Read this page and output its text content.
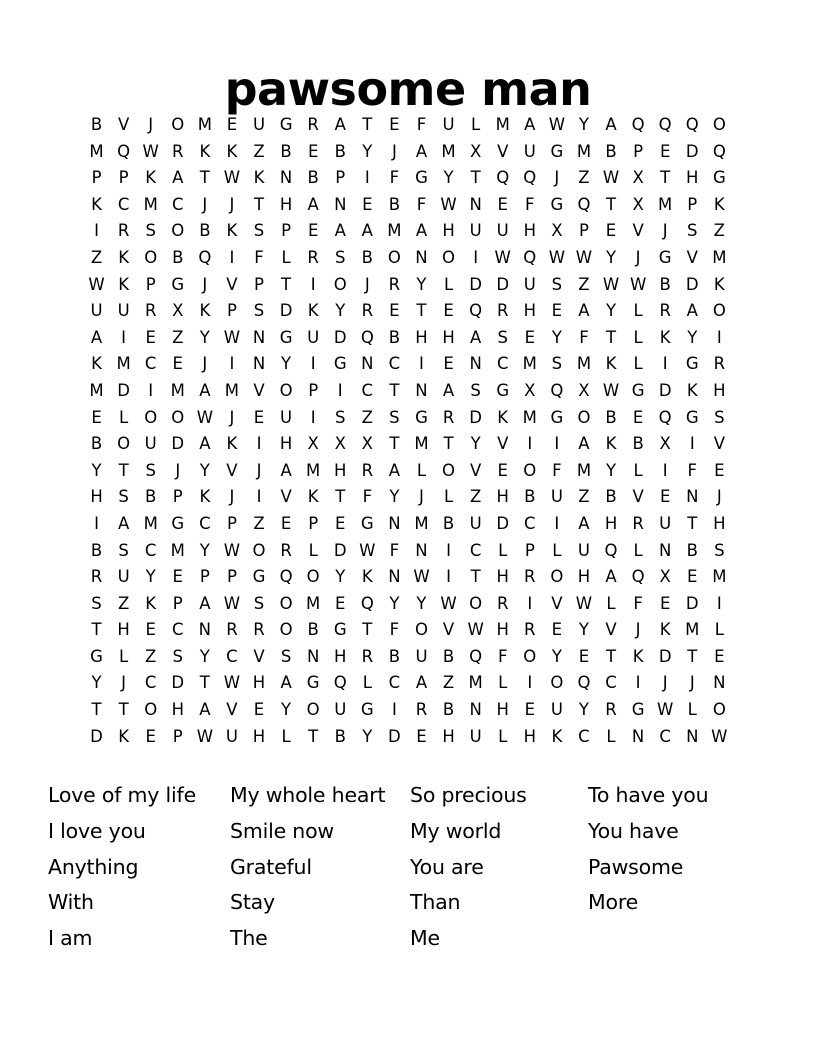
pawsome man
B V	J	O M E U G R A T	E	F U L M A W Y A Q Q Q O
M Q W R K K Z B E B Y	J	A M X V U G M B P	E D Q
P	P	K A T W K N B P	I	F G Y	T Q Q	J	Z W X T H G
K C M C	J	J	T H A N E B	F W N E	F G Q T X M P	K
I	R S O B K S	P	E A A M A H U U H X P	E V	J	S Z
Z K O B Q	I	F	L	R S B O N O	I W Q W W Y	J	G V M
W K	P G	J	V P	T	I	O	J	R Y	L D D U S Z W W B D K
U U R X K	P	S D K	Y R E	T	E Q R H E A Y	L	R A O
A	I	E Z Y W N G U D Q B H H A S	E	Y	F	T	L	K	Y	I
K M C E	J	I	N Y	I	G N C	I	E N C M S M K	L	I	G R
M D	I	M A M V O P	I	C T N A S G X Q X W G D K H
E	L O O W J	E U	I	S Z S G R D K M G O B E Q G S
B O U D A K	I	H X X X T M T	Y V	I	I	A K B X	I	V
Y	T	S	J	Y V	J	A M H R A	L O V E O F M Y	L	I	F	E
H S B P	K	J	I	V K	T	F	Y	J	L	Z H B U Z B V E N	J
I	A M G C P Z E	P	E G N M B U D C	I	A H R U T H
B S C M Y W O R	L D W F N	I	C	L	P	L U Q L N B S
R U Y	E	P	P G Q O Y	K N W I	T H R O H A Q X E M
S Z K	P A W S O M E Q Y	Y W O R	I	V W L	F	E D	I
T H E C N R R O B G T	F O V W H R E	Y V	J	K M L
G L	Z S	Y C V S N H R B U B Q F O Y	E	T	K D T	E
Y	J	C D T W H A G Q L	C A Z M L	I	O Q C	I	J	J	N
T	T O H A V E	Y O U G	I	R B N H E U Y R G W L O
D K E	P W U H L	T B Y D E H U L H K C	L N C N W
Love of my life
I love you
Anything
With
I am
My whole heart
Smile now
Grateful
Stay
The
So precious
My world
You are
Than
Me
To have you
You have
Pawsome
More
